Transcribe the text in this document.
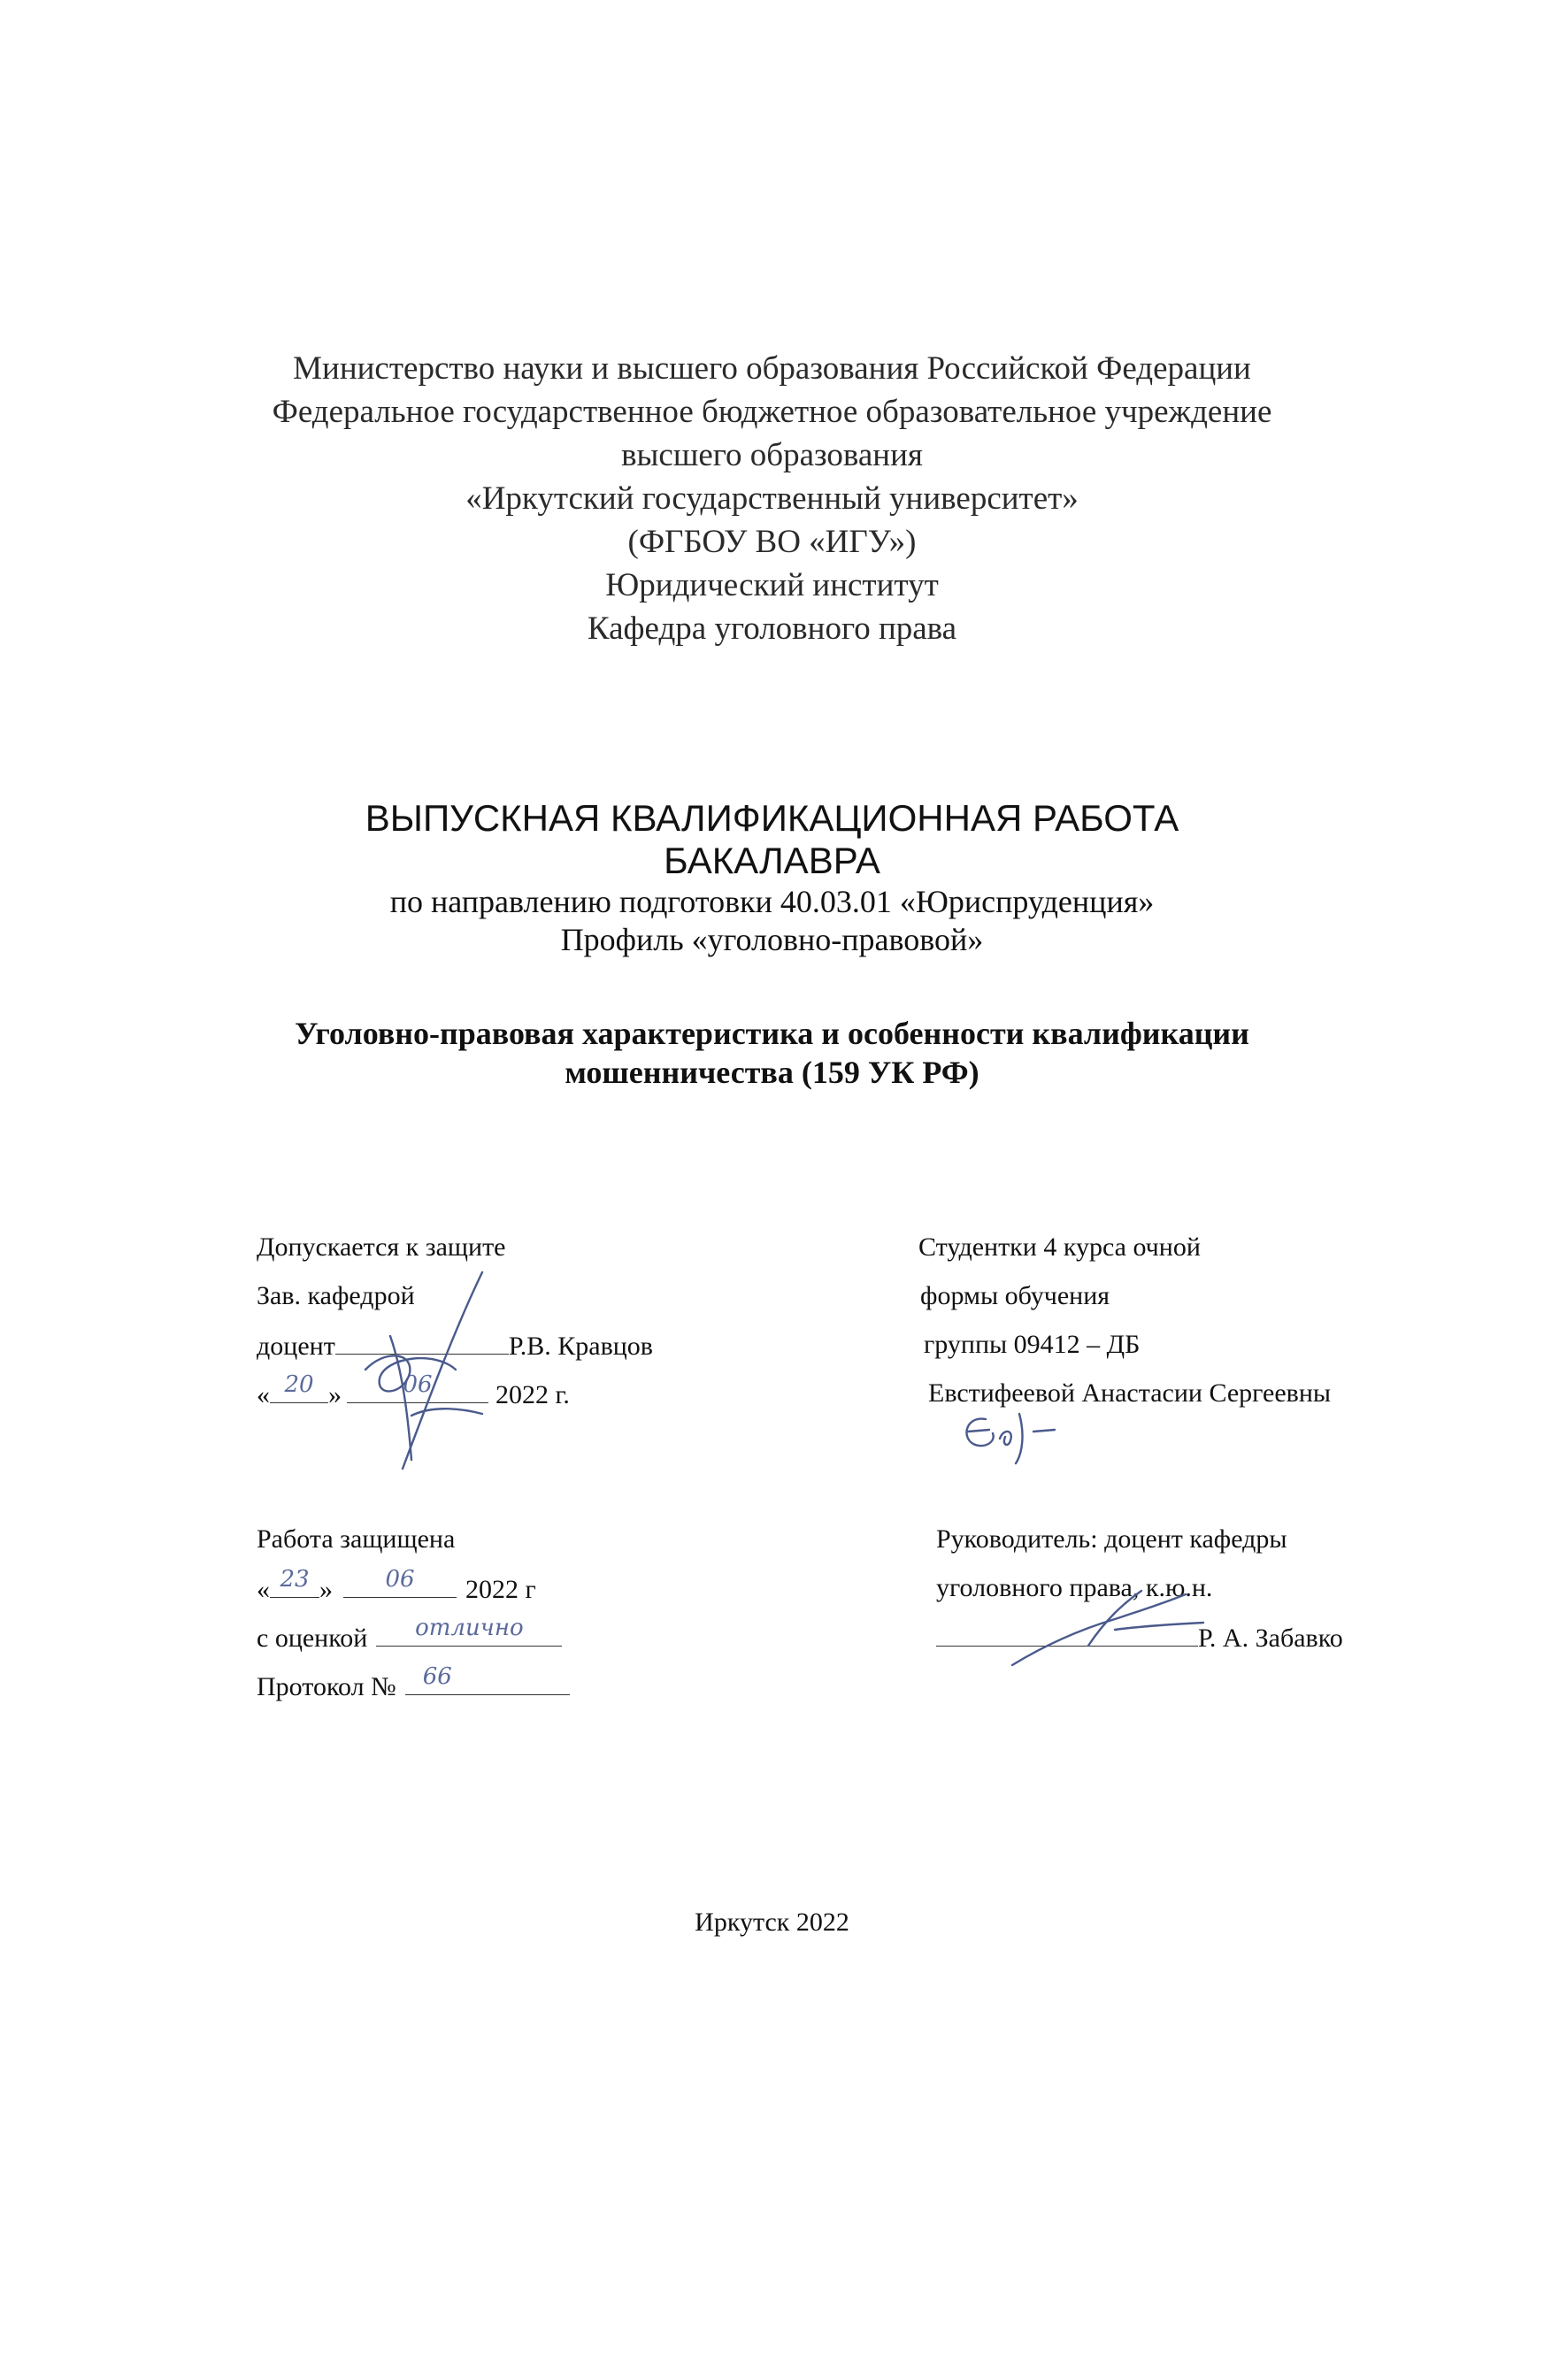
Министерство науки и высшего образования Российской Федерации
Федеральное государственное бюджетное образовательное учреждение
высшего образования
«Иркутский государственный университет»
(ФГБОУ ВО «ИГУ»)
Юридический институт
Кафедра уголовного права
ВЫПУСКНАЯ КВАЛИФИКАЦИОННАЯ РАБОТА
БАКАЛАВРА
по направлению подготовки 40.03.01 «Юриспруденция»
Профиль «уголовно-правовой»
Уголовно-правовая характеристика и особенности квалификации
мошенничества (159 УК РФ)
Допускается к защите
Зав. кафедрой
доцент	Р.В. Кравцов
« 20 »	06	2022 г.
Студентки 4 курса очной
формы обучения
группы 09412 – ДБ
Евстифеевой Анастасии Сергеевны
Работа защищена
« 23 »	06	2022 г
с оценкой	отлично
Протокол №	66
Руководитель: доцент кафедры
уголовного права, к.ю.н.
Р. А. Забавко
Иркутск 2022
